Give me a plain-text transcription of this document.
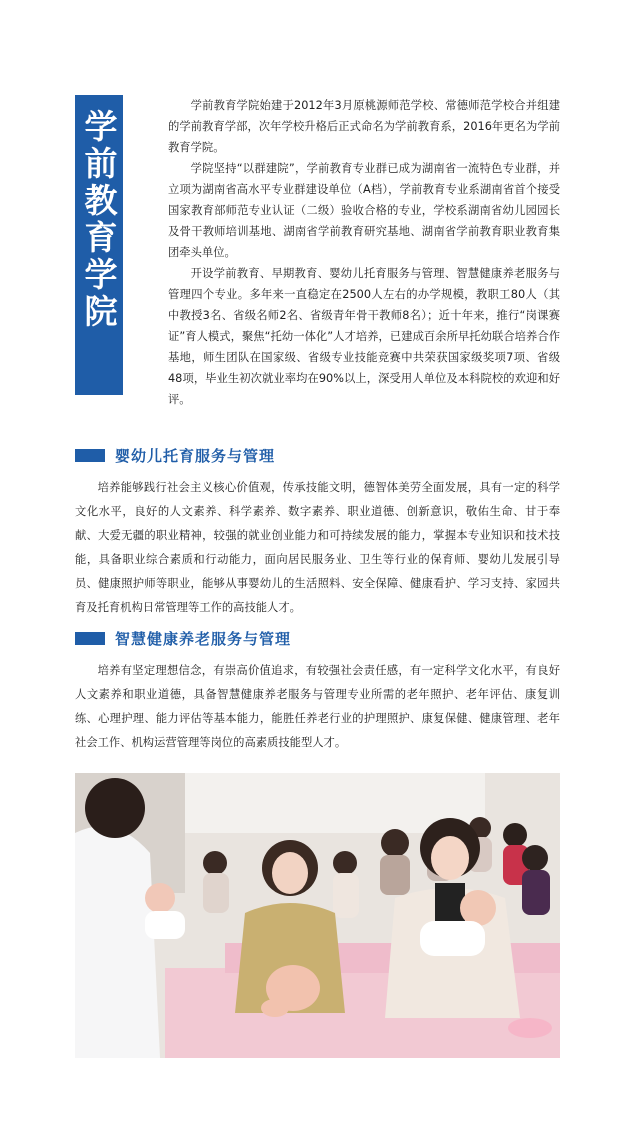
学前教育学院

学前教育学院始建于2012年3月原桃源师范学校、常德师范学校合并组建的学前教育学部，次年学校升格后正式命名为学前教育系，2016年更名为学前教育学院。

学院坚持“以群建院”，学前教育专业群已成为湖南省一流特色专业群，并立项为湖南省高水平专业群建设单位（A档），学前教育专业系湖南省首个接受国家教育部师范专业认证（二级）验收合格的专业，学校系湖南省幼儿园园长及骨干教师培训基地、湖南省学前教育研究基地、湖南省学前教育职业教育集团牵头单位。

开设学前教育、早期教育、婴幼儿托育服务与管理、智慧健康养老服务与管理四个专业。多年来一直稳定在2500人左右的办学规模，教职工80人（其中教授3名、省级名师2名、省级青年骨干教师8名）；近十年来，推行“岗课赛证”育人模式，聚焦“托幼一体化”人才培养，已建成百余所早托幼联合培养合作基地，师生团队在国家级、省级专业技能竞赛中共荣获国家级奖项7项、省级48项，毕业生初次就业率均在90%以上，深受用人单位及本科院校的欢迎和好评。

婴幼儿托育服务与管理

培养能够践行社会主义核心价值观，传承技能文明，德智体美劳全面发展，具有一定的科学文化水平，良好的人文素养、科学素养、数字素养、职业道德、创新意识，敬佑生命、甘于奉献、大爱无疆的职业精神，较强的就业创业能力和可持续发展的能力，掌握本专业知识和技术技能，具备职业综合素质和行动能力，面向居民服务业、卫生等行业的保育师、婴幼儿发展引导员、健康照护师等职业，能够从事婴幼儿的生活照料、安全保障、健康看护、学习支持、家园共育及托育机构日常管理等工作的高技能人才。

智慧健康养老服务与管理

培养有坚定理想信念，有崇高价值追求，有较强社会责任感，有一定科学文化水平，有良好人文素养和职业道德，具备智慧健康养老服务与管理专业所需的老年照护、老年评估、康复训练、心理护理、能力评估等基本能力，能胜任养老行业的护理照护、康复保健、健康管理、老年社会工作、机构运营管理等岗位的高素质技能型人才。
